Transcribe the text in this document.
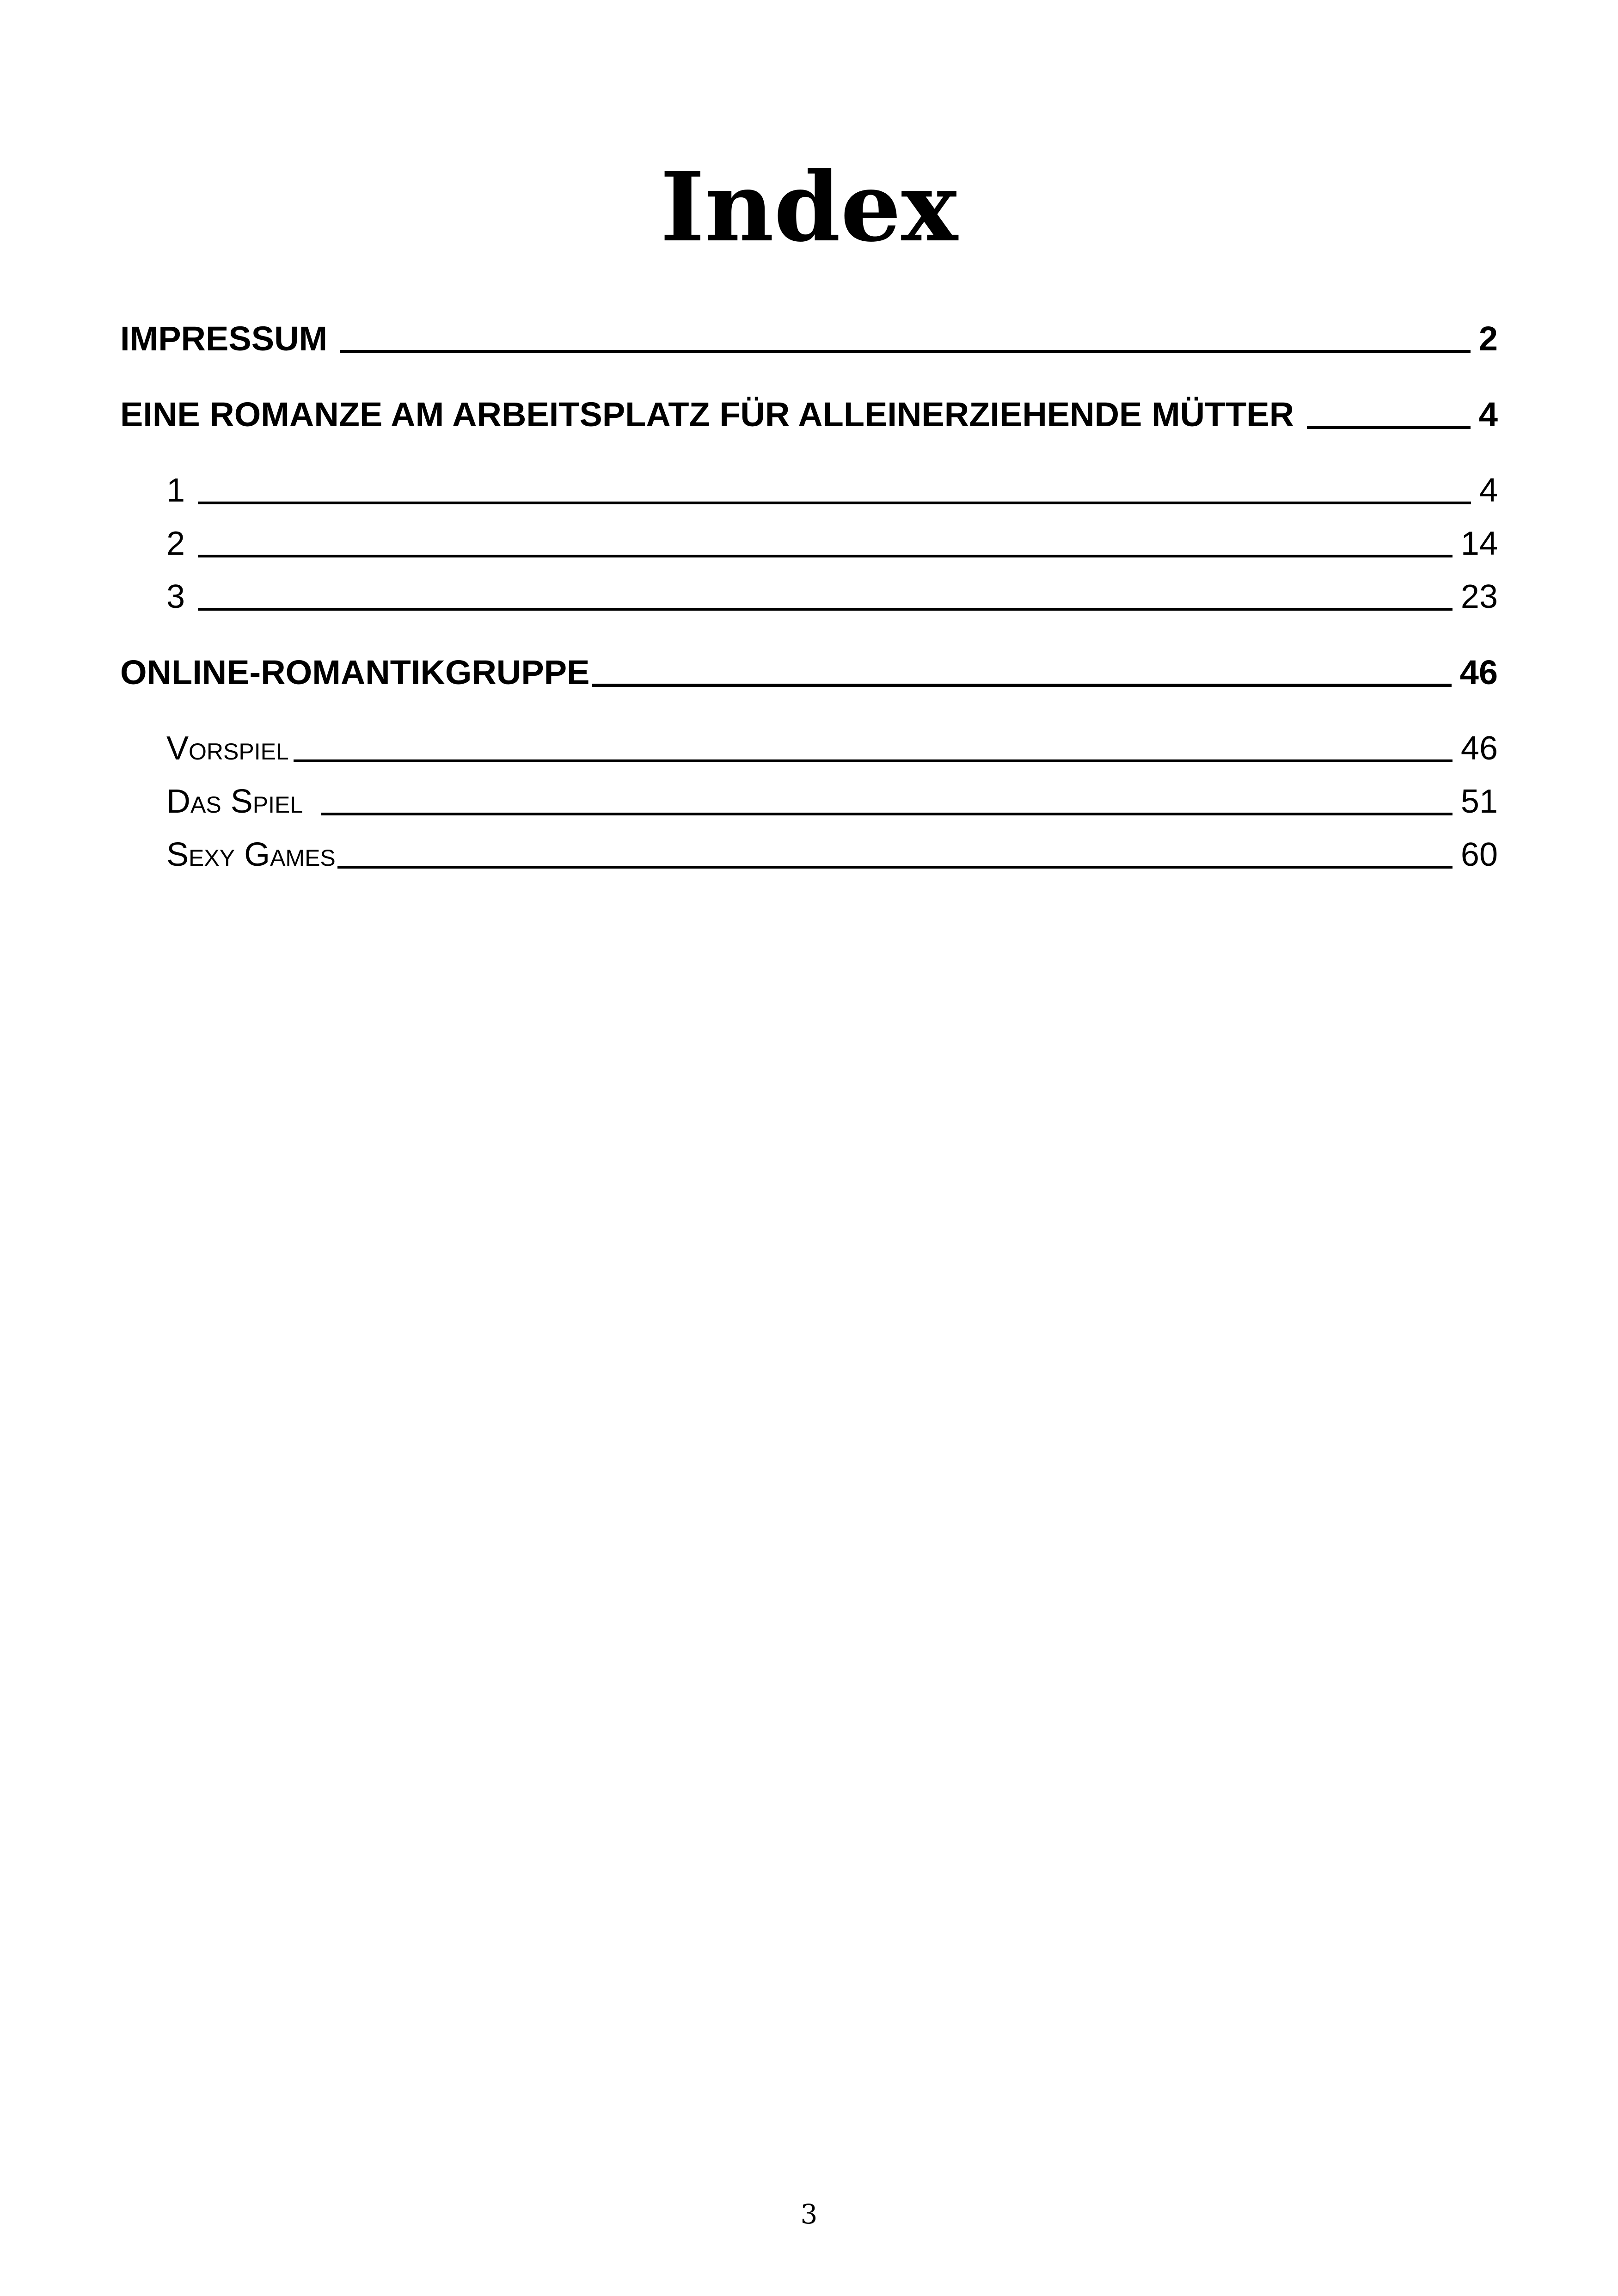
Index
IMPRESSUM	2
EINE ROMANZE AM ARBEITSPLATZ FÜR ALLEINERZIEHENDE MÜTTER	4
1	4
2	14
3	23
ONLINE-ROMANTIKGRUPPE	46
Vorspiel	46
Das Spiel	51
Sexy Games	60
3
